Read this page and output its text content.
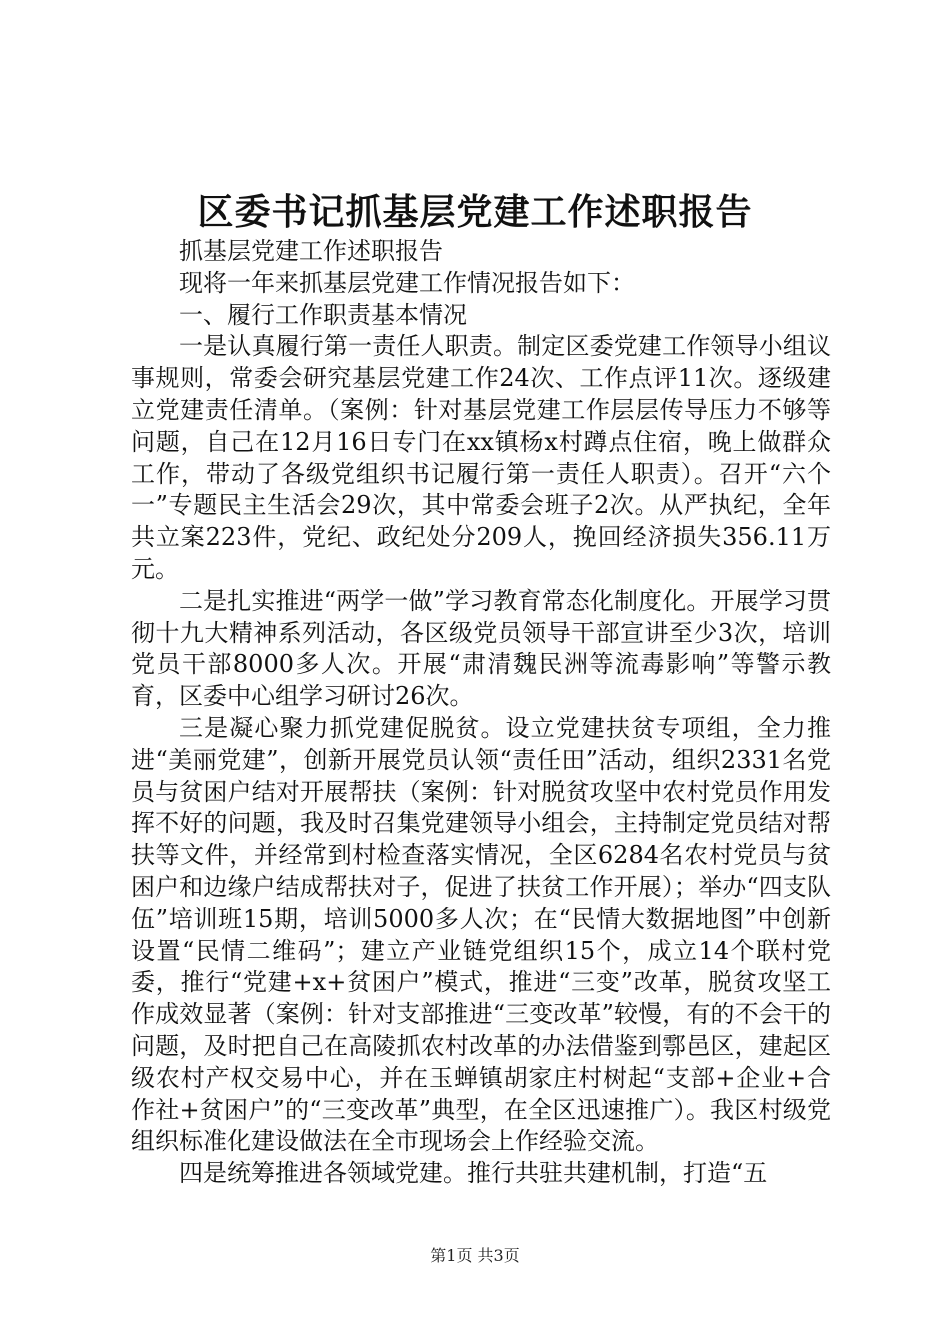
区委书记抓基层党建工作述职报告

抓基层党建工作述职报告

现将一年来抓基层党建工作情况报告如下：

一、履行工作职责基本情况

一是认真履行第一责任人职责。制定区委党建工作领导小组议事规则，常委会研究基层党建工作24次、工作点评11次。逐级建立党建责任清单。（案例：针对基层党建工作层层传导压力不够等问题，自己在12月16日专门在xx镇杨x村蹲点住宿，晚上做群众工作，带动了各级党组织书记履行第一责任人职责）。召开“六个一”专题民主生活会29次，其中常委会班子2次。从严执纪，全年共立案223件，党纪、政纪处分209人，挽回经济损失356.11万元。

二是扎实推进“两学一做”学习教育常态化制度化。开展学习贯彻十九大精神系列活动，各区级党员领导干部宣讲至少3次，培训党员干部8000多人次。开展“肃清魏民洲等流毒影响”等警示教育，区委中心组学习研讨26次。

三是凝心聚力抓党建促脱贫。设立党建扶贫专项组，全力推进“美丽党建”，创新开展党员认领“责任田”活动，组织2331名党员与贫困户结对开展帮扶（案例：针对脱贫攻坚中农村党员作用发挥不好的问题，我及时召集党建领导小组会，主持制定党员结对帮扶等文件，并经常到村检查落实情况，全区6284名农村党员与贫困户和边缘户结成帮扶对子，促进了扶贫工作开展）；举办“四支队伍”培训班15期，培训5000多人次；在“民情大数据地图”中创新设置“民情二维码”；建立产业链党组织15个，成立14个联村党委，推行“党建+x+贫困户”模式，推进“三变”改革，脱贫攻坚工作成效显著（案例：针对支部推进“三变改革”较慢，有的不会干的问题，及时把自己在高陵抓农村改革的办法借鉴到鄠邑区，建起区级农村产权交易中心，并在玉蝉镇胡家庄村树起“支部+企业+合作社+贫困户”的“三变改革”典型，在全区迅速推广）。我区村级党组织标准化建设做法在全市现场会上作经验交流。

四是统筹推进各领域党建。推行共驻共建机制，打造“五

第1页 共3页
